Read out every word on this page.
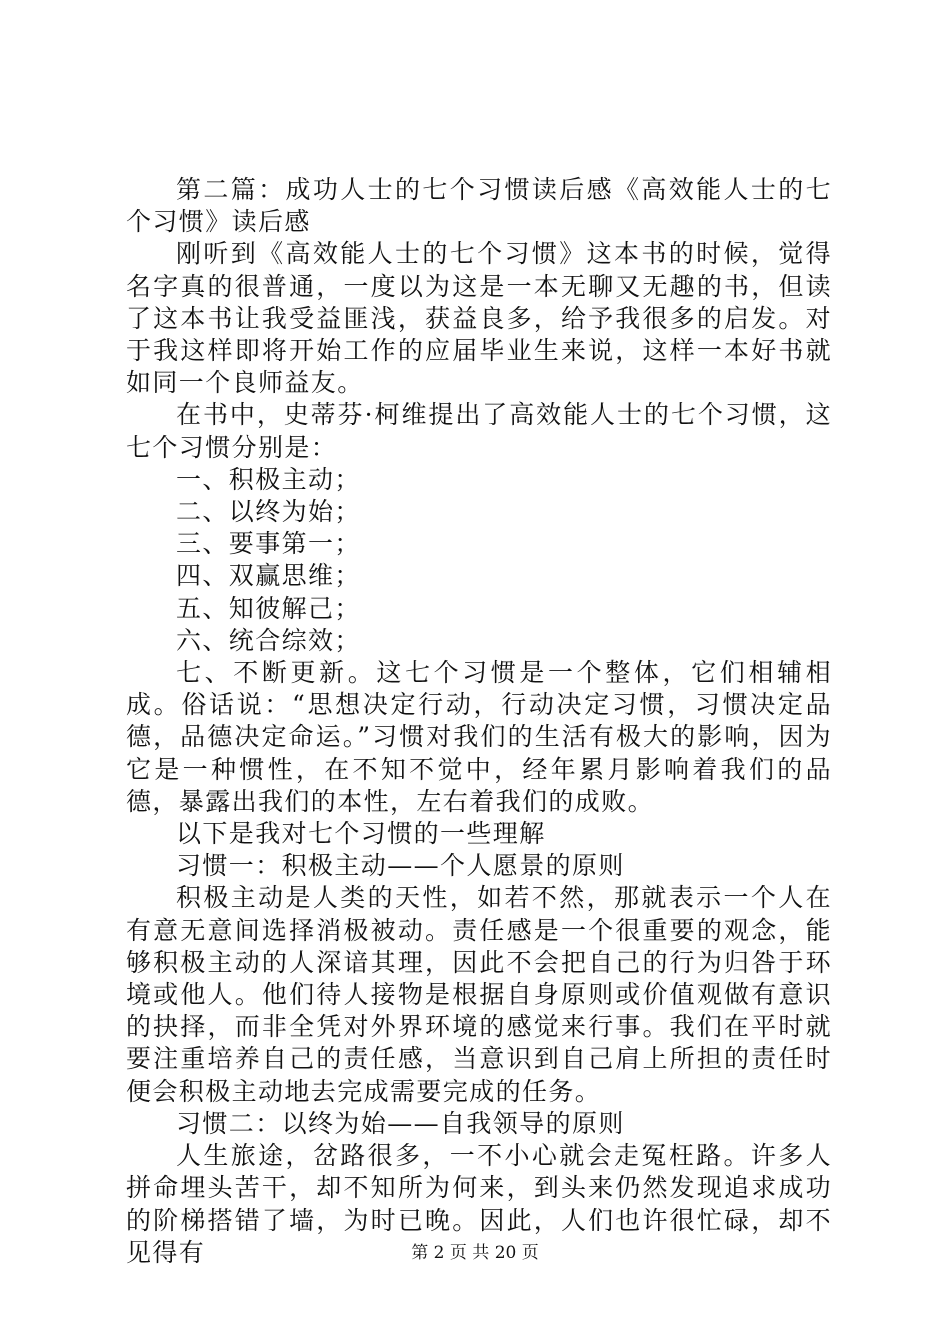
第二篇：成功人士的七个习惯读后感《高效能人士的七个习惯》读后感

刚听到《高效能人士的七个习惯》这本书的时候，觉得名字真的很普通，一度以为这是一本无聊又无趣的书，但读了这本书让我受益匪浅，获益良多，给予我很多的启发。对于我这样即将开始工作的应届毕业生来说，这样一本好书就如同一个良师益友。

在书中，史蒂芬·柯维提出了高效能人士的七个习惯，这七个习惯分别是：

一、积极主动；

二、以终为始；

三、要事第一；

四、双赢思维；

五、知彼解己；

六、统合综效；

七、不断更新。这七个习惯是一个整体，它们相辅相成。俗话说：“思想决定行动，行动决定习惯，习惯决定品德，品德决定命运。”习惯对我们的生活有极大的影响，因为它是一种惯性，在不知不觉中，经年累月影响着我们的品德，暴露出我们的本性，左右着我们的成败。

以下是我对七个习惯的一些理解

习惯一：积极主动——个人愿景的原则

积极主动是人类的天性，如若不然，那就表示一个人在有意无意间选择消极被动。责任感是一个很重要的观念，能够积极主动的人深谙其理，因此不会把自己的行为归咎于环境或他人。他们待人接物是根据自身原则或价值观做有意识的抉择，而非全凭对外界环境的感觉来行事。我们在平时就要注重培养自己的责任感，当意识到自己肩上所担的责任时便会积极主动地去完成需要完成的任务。

习惯二：以终为始——自我领导的原则

人生旅途，岔路很多，一不小心就会走冤枉路。许多人拼命埋头苦干，却不知所为何来，到头来仍然发现追求成功的阶梯搭错了墙，为时已晚。因此，人们也许很忙碌，却不见得有	第 2 页 共 20 页
